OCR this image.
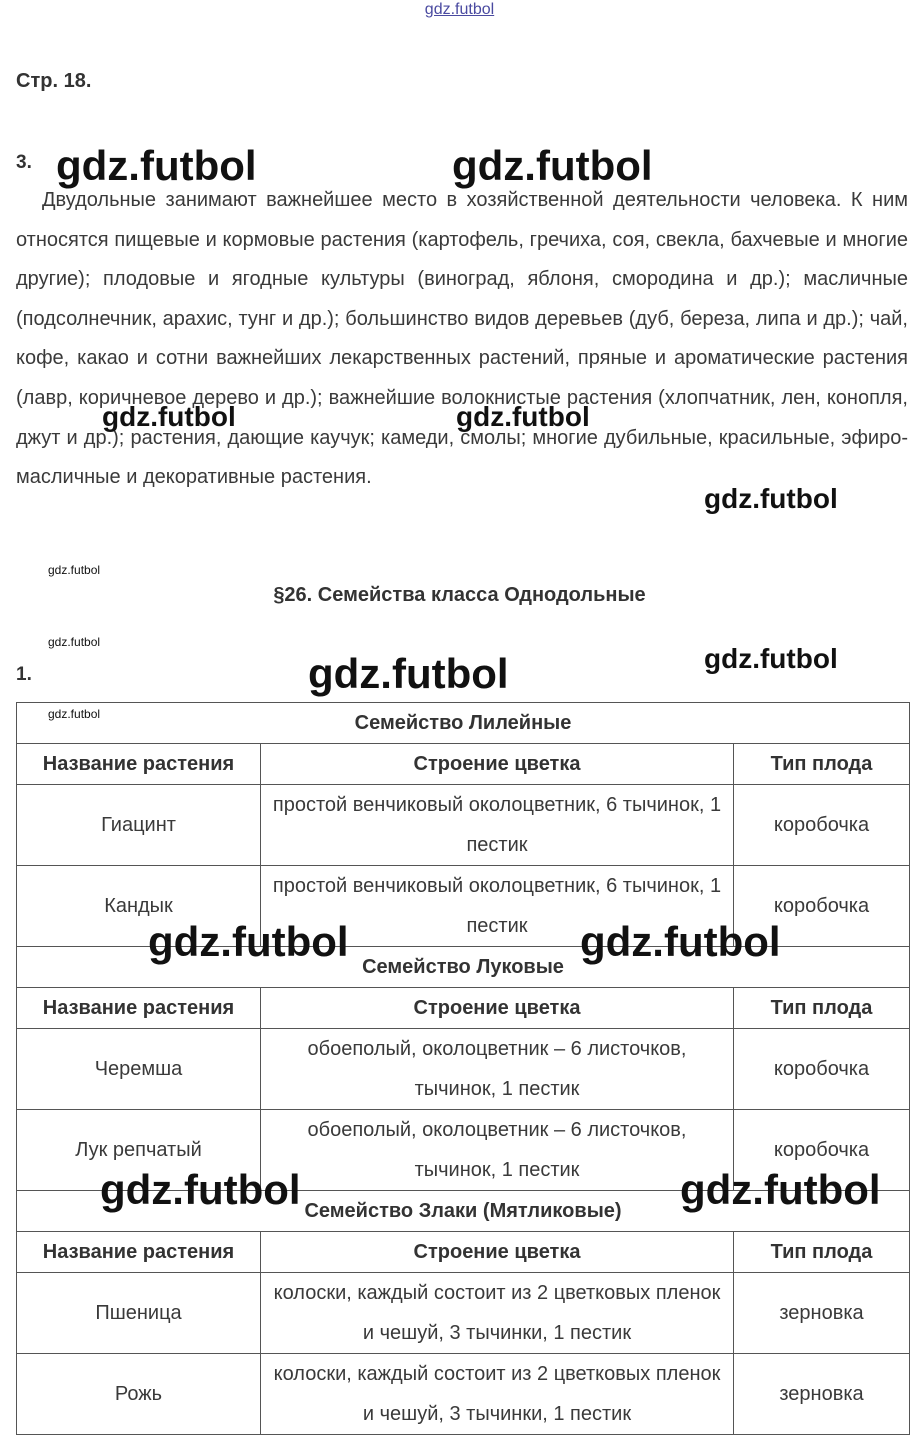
gdz.futbol
Стр. 18.
3.

Двудольные занимают важнейшее место в хозяйственной деятельности человека. К ним относятся пищевые и кормовые растения (картофель, гречиха, соя, свекла, бахчевые и многие другие); плодовые и ягодные культуры (виноград, яблоня, смородина и др.); масличные (подсолнечник, арахис, тунг и др.); большинство видов деревьев (дуб, береза, липа и др.); чай, кофе, какао и сотни важнейших лекарственных растений, пряные и ароматические растения (лавр, коричневое дерево и др.); важнейшие волокнистые растения (хлопчатник, лен, конопля, джут и др.); растения, дающие каучук; камеди, смолы; многие дубильные, красильные, эфиро-масличные и декоративные растения.

§26. Семейства класса Однодольные
1.
Семейство Лилейные		
Название растения	Строение цветка	Тип плода
Гиацинт	простой венчиковый околоцветник, 6 тычинок, 1 пестик	коробочка
Кандык	простой венчиковый околоцветник, 6 тычинок, 1 пестик	коробочка
Семейство Луковые		
Название растения	Строение цветка	Тип плода
Черемша	обоеполый, околоцветник – 6 листочков, тычинок, 1 пестик	коробочка
Лук репчатый	обоеполый, околоцветник – 6 листочков, тычинок, 1 пестик	коробочка
Семейство Злаки (Мятликовые)		
Название растения	Строение цветка	Тип плода
Пшеница	колоски, каждый состоит из 2 цветковых пленок и чешуй, 3 тычинки, 1 пестик	зерновка
Рожь	колоски, каждый состоит из 2 цветковых пленок и чешуй, 3 тычинки, 1 пестик	зерновка
gdz.futbol	gdz.futbol
gdz.futbol	gdz.futbol
gdz.futbol
gdz.futbol
gdz.futbol
gdz.futbol	gdz.futbol
gdz.futbol
gdz.futbol	gdz.futbol
gdz.futbol	gdz.futbol
